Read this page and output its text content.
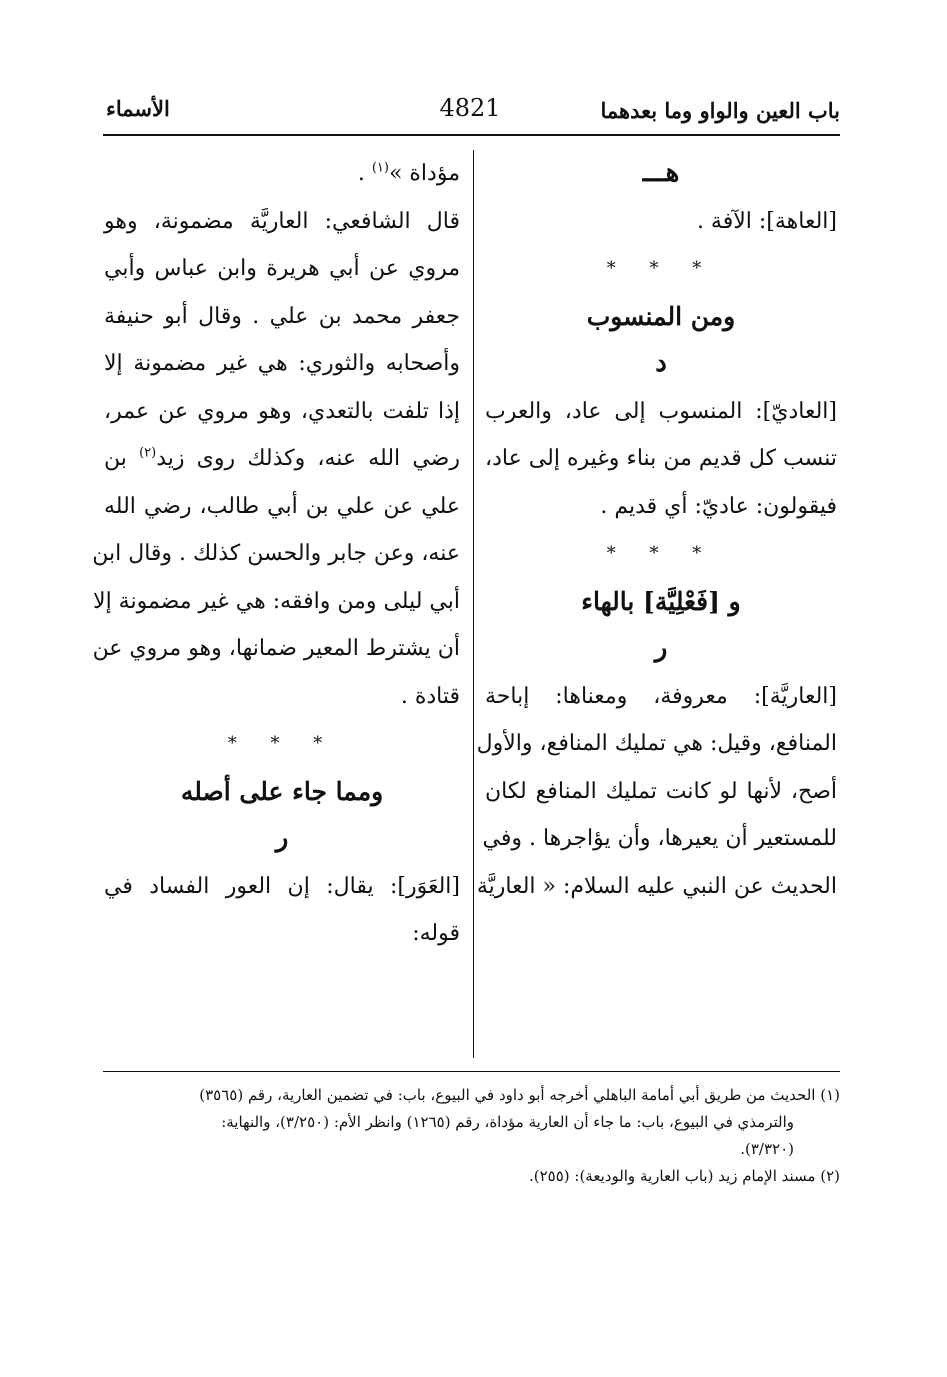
باب العين والواو وما بعدهما
4821
الأسماء
هـــ
[العاهة]: الآفة .
* * *
ومن المنسوب
د
[العاديّ]: المنسوب إلى عاد، والعرب
تنسب كل قديم من بناء وغيره إلى عاد،
فيقولون: عاديّ: أي قديم .
* * *
و [فَعْلِيَّة] بالهاء
ر
[العاريَّة]: معروفة، ومعناها: إباحة
المنافع، وقيل: هي تمليك المنافع، والأول
أصح، لأنها لو كانت تمليك المنافع لكان
للمستعير أن يعيرها، وأن يؤاجرها . وفي
الحديث عن النبي عليه السلام: « العاريَّة
مؤداة »$^{(١)}$ .
قال الشافعي: العاريَّة مضمونة، وهو
مروي عن أبي هريرة وابن عباس وأبي
جعفر محمد بن علي . وقال أبو حنيفة
وأصحابه والثوري: هي غير مضمونة إلا
إذا تلفت بالتعدي، وهو مروي عن عمر،
رضي الله عنه، وكذلك روى زيد$^{(٢)}$ بن
علي عن علي بن أبي طالب، رضي الله
عنه، وعن جابر والحسن كذلك . وقال ابن
أبي ليلى ومن وافقه: هي غير مضمونة إلا
أن يشترط المعير ضمانها، وهو مروي عن
قتادة .
* * *
ومما جاء على أصله
ر
[العَوَر]: يقال: إن العور الفساد في
قوله:
(١) الحديث من طريق أبي أمامة الباهلي أخرجه أبو داود في البيوع، باب: في تضمين العارية، رقم (٣٥٦٥)
والترمذي في البيوع، باب: ما جاء أن العارية مؤداة، رقم (١٢٦٥) وانظر الأم: (٣/٢٥٠)، والنهاية:
(٣/٣٢٠).
(٢) مسند الإمام زيد (باب العارية والوديعة): (٢٥٥).
